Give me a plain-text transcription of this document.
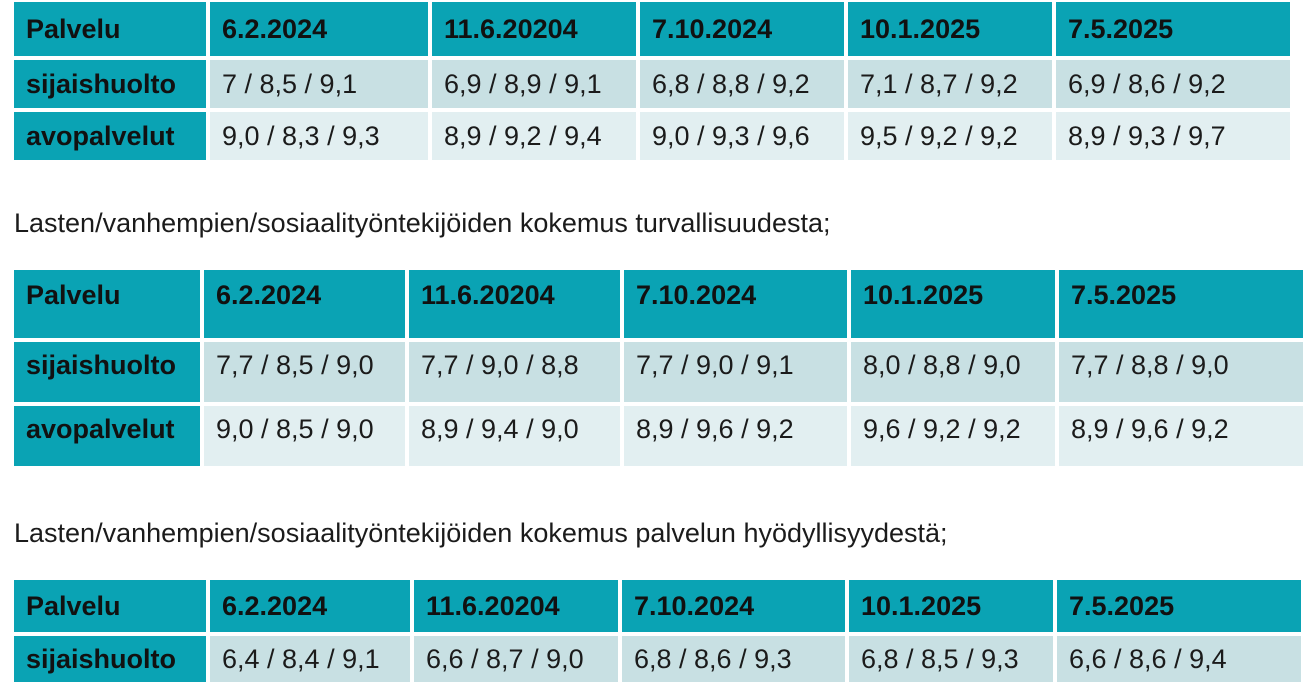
Palvelu	6.2.2024	11.6.20204	7.10.2024	10.1.2025	7.5.2025
sijaishuolto	7 / 8,5 / 9,1	6,9 / 8,9 / 9,1	6,8 / 8,8 / 9,2	7,1 / 8,7 / 9,2	6,9 / 8,6 / 9,2
avopalvelut	9,0 / 8,3 / 9,3	8,9 / 9,2 / 9,4	9,0 / 9,3 / 9,6	9,5 / 9,2 / 9,2	8,9 / 9,3 / 9,7
Lasten/vanhempien/sosiaalityöntekijöiden kokemus turvallisuudesta;
Palvelu	6.2.2024	11.6.20204	7.10.2024	10.1.2025	7.5.2025
sijaishuolto	7,7 / 8,5 / 9,0	7,7 / 9,0 / 8,8	7,7 / 9,0 / 9,1	8,0 / 8,8 / 9,0	7,7 / 8,8 / 9,0
avopalvelut	9,0 / 8,5 / 9,0	8,9 / 9,4 / 9,0	8,9 / 9,6 / 9,2	9,6 / 9,2 / 9,2	8,9 / 9,6 / 9,2
Lasten/vanhempien/sosiaalityöntekijöiden kokemus palvelun hyödyllisyydestä;
Palvelu	6.2.2024	11.6.20204	7.10.2024	10.1.2025	7.5.2025
sijaishuolto	6,4 / 8,4 / 9,1	6,6 / 8,7 / 9,0	6,8 / 8,6 / 9,3	6,8 / 8,5 / 9,3	6,6 / 8,6 / 9,4
